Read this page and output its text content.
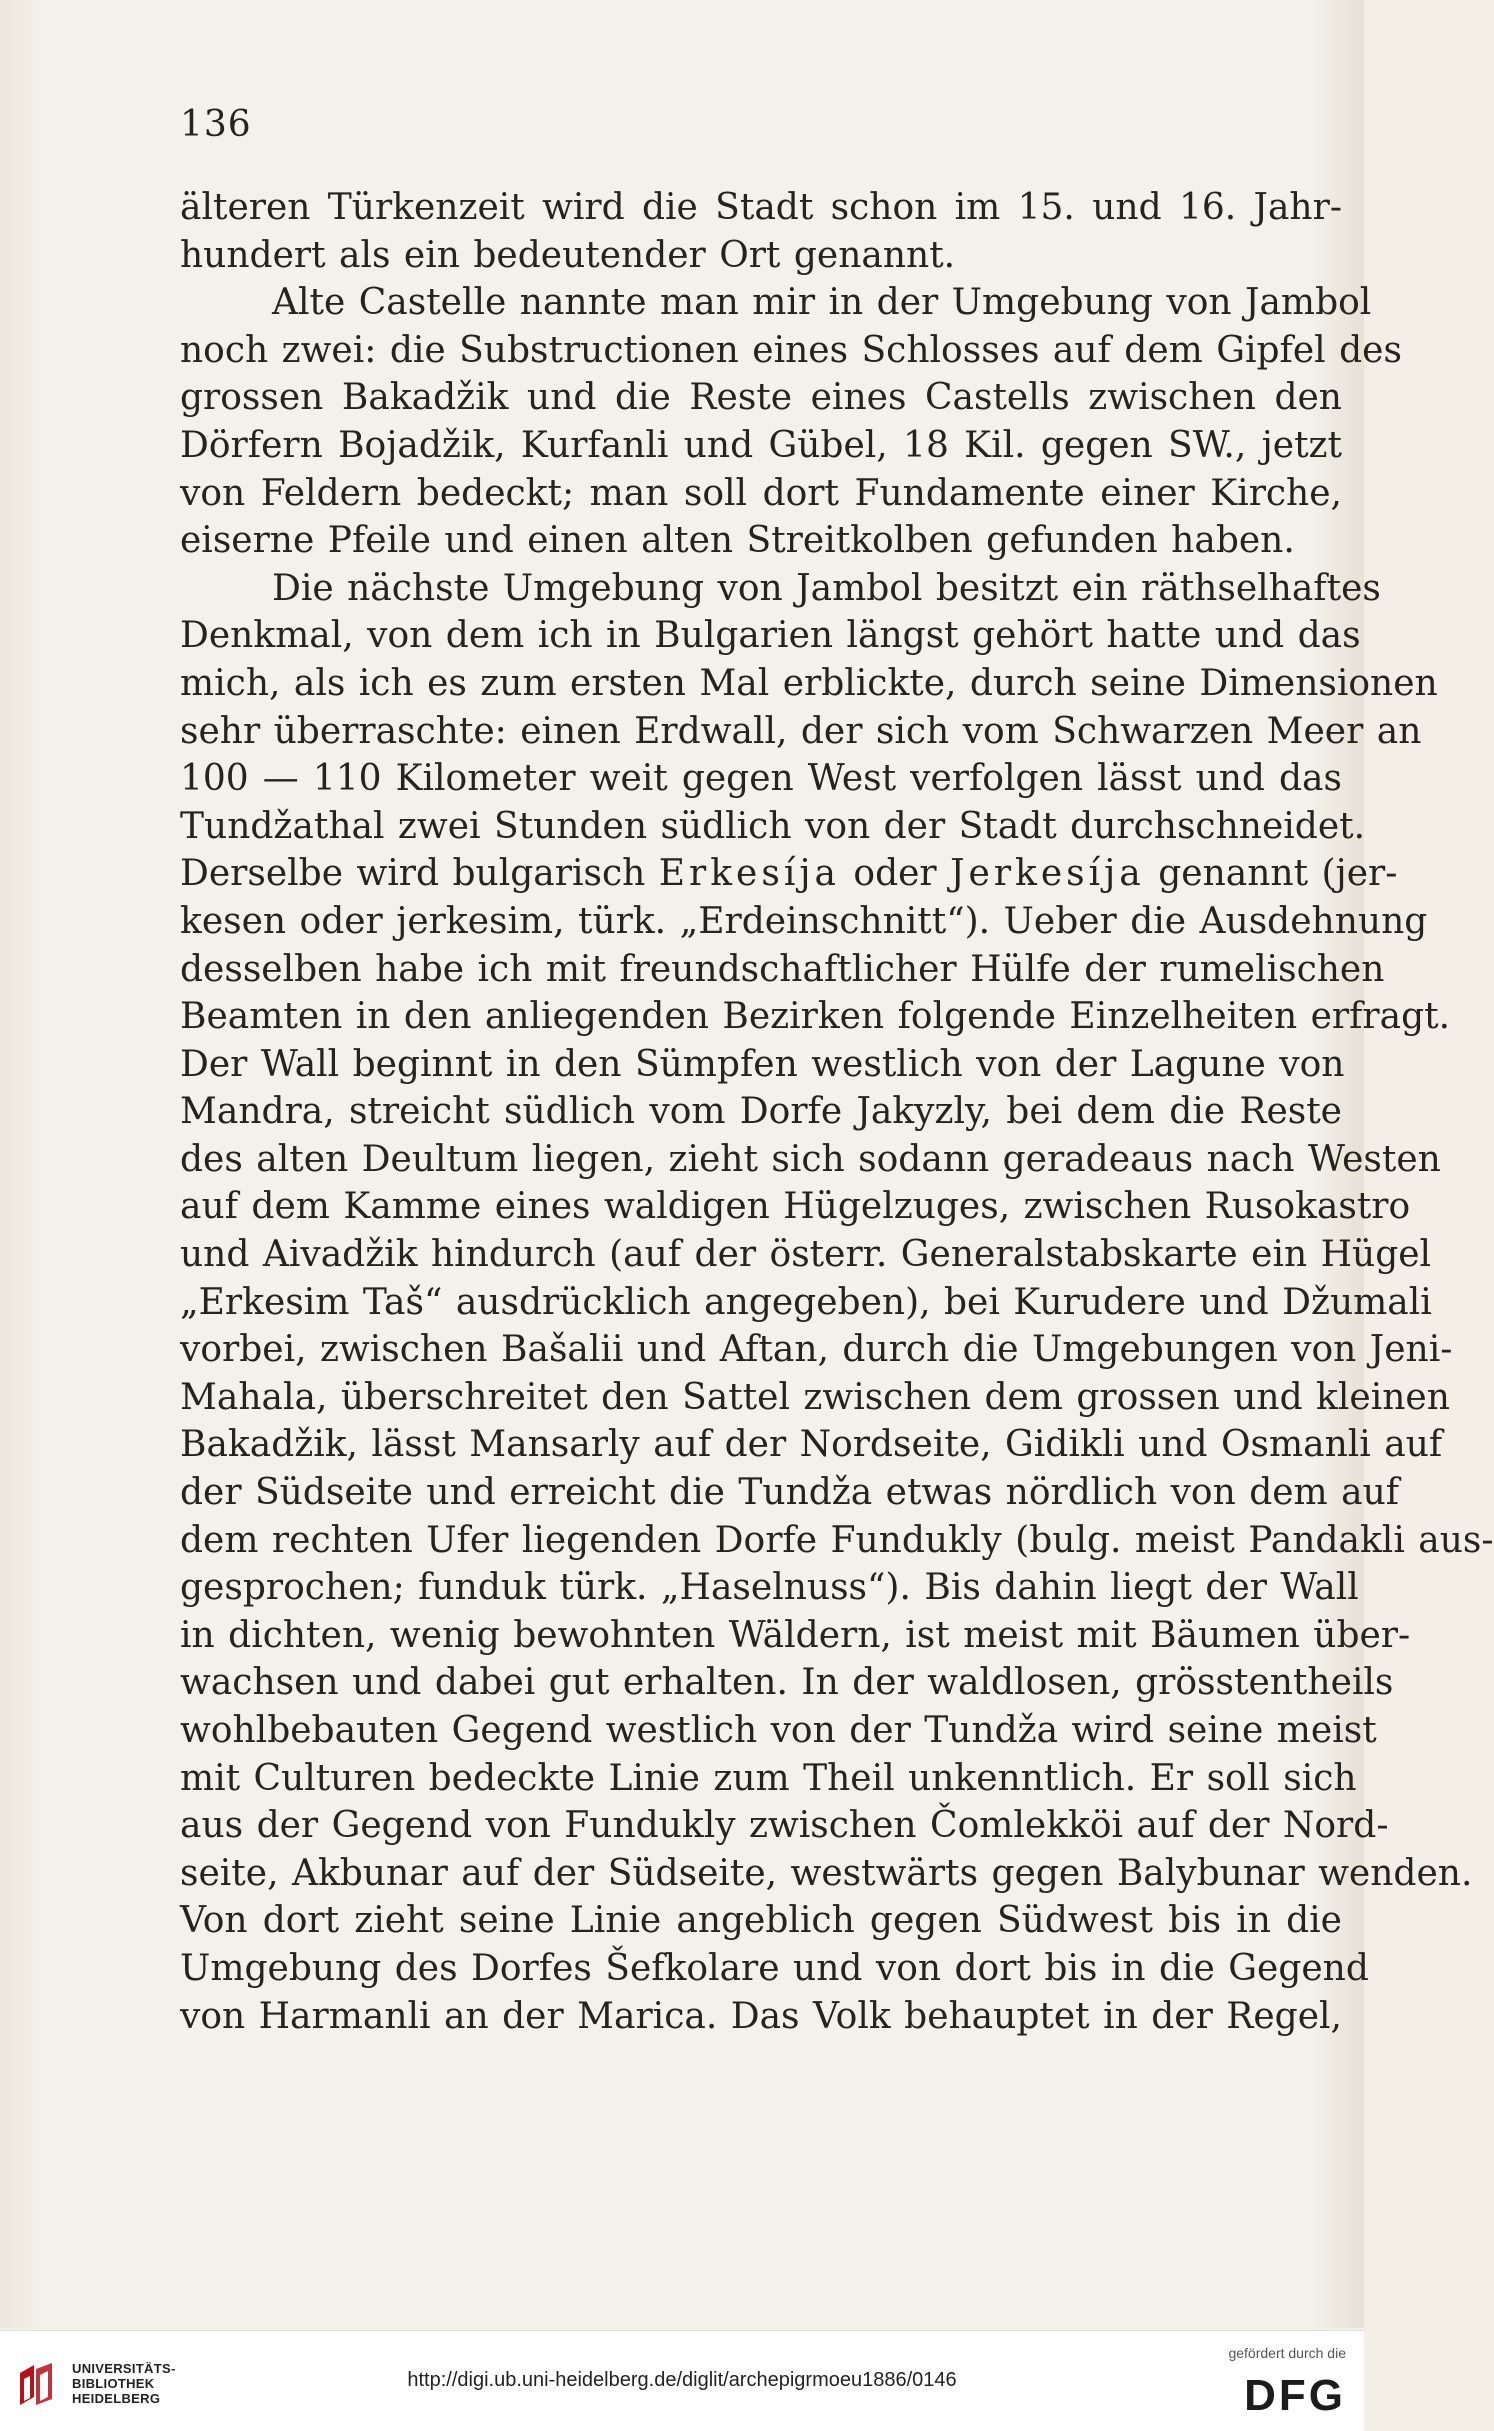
136
älteren Türkenzeit wird die Stadt schon im 15. und 16. Jahr-
hundert als ein bedeutender Ort genannt.
Alte Castelle nannte man mir in der Umgebung von Jambol
noch zwei: die Substructionen eines Schlosses auf dem Gipfel des
grossen Bakadžik und die Reste eines Castells zwischen den
Dörfern Bojadžik, Kurfanli und Gübel, 18 Kil. gegen SW., jetzt
von Feldern bedeckt; man soll dort Fundamente einer Kirche,
eiserne Pfeile und einen alten Streitkolben gefunden haben.
Die nächste Umgebung von Jambol besitzt ein räthselhaftes
Denkmal, von dem ich in Bulgarien längst gehört hatte und das
mich, als ich es zum ersten Mal erblickte, durch seine Dimensionen
sehr überraschte: einen Erdwall, der sich vom Schwarzen Meer an
100 — 110 Kilometer weit gegen West verfolgen lässt und das
Tundžathal zwei Stunden südlich von der Stadt durchschneidet.
Derselbe wird bulgarisch Erkesíja oder Jerkesíja genannt (jer-
kesen oder jerkesim, türk. „Erdeinschnitt“). Ueber die Ausdehnung
desselben habe ich mit freundschaftlicher Hülfe der rumelischen
Beamten in den anliegenden Bezirken folgende Einzelheiten erfragt.
Der Wall beginnt in den Sümpfen westlich von der Lagune von
Mandra, streicht südlich vom Dorfe Jakyzly, bei dem die Reste
des alten Deultum liegen, zieht sich sodann geradeaus nach Westen
auf dem Kamme eines waldigen Hügelzuges, zwischen Rusokastro
und Aivadžik hindurch (auf der österr. Generalstabskarte ein Hügel
„Erkesim Taš“ ausdrücklich angegeben), bei Kurudere und Džumali
vorbei, zwischen Bašalii und Aftan, durch die Umgebungen von Jeni-
Mahala, überschreitet den Sattel zwischen dem grossen und kleinen
Bakadžik, lässt Mansarly auf der Nordseite, Gidikli und Osmanli auf
der Südseite und erreicht die Tundža etwas nördlich von dem auf
dem rechten Ufer liegenden Dorfe Fundukly (bulg. meist Pandakli aus-
gesprochen; funduk türk. „Haselnuss“). Bis dahin liegt der Wall
in dichten, wenig bewohnten Wäldern, ist meist mit Bäumen über-
wachsen und dabei gut erhalten. In der waldlosen, grösstentheils
wohlbebauten Gegend westlich von der Tundža wird seine meist
mit Culturen bedeckte Linie zum Theil unkenntlich. Er soll sich
aus der Gegend von Fundukly zwischen Čomlekköi auf der Nord-
seite, Akbunar auf der Südseite, westwärts gegen Balybunar wenden.
Von dort zieht seine Linie angeblich gegen Südwest bis in die
Umgebung des Dorfes Šefkolare und von dort bis in die Gegend
von Harmanli an der Marica. Das Volk behauptet in der Regel,
UNIVERSITÄTS-
BIBLIOTHEK
HEIDELBERG
http://digi.ub.uni-heidelberg.de/diglit/archepigrmoeu1886/0146
gefördert durch die
DFG
